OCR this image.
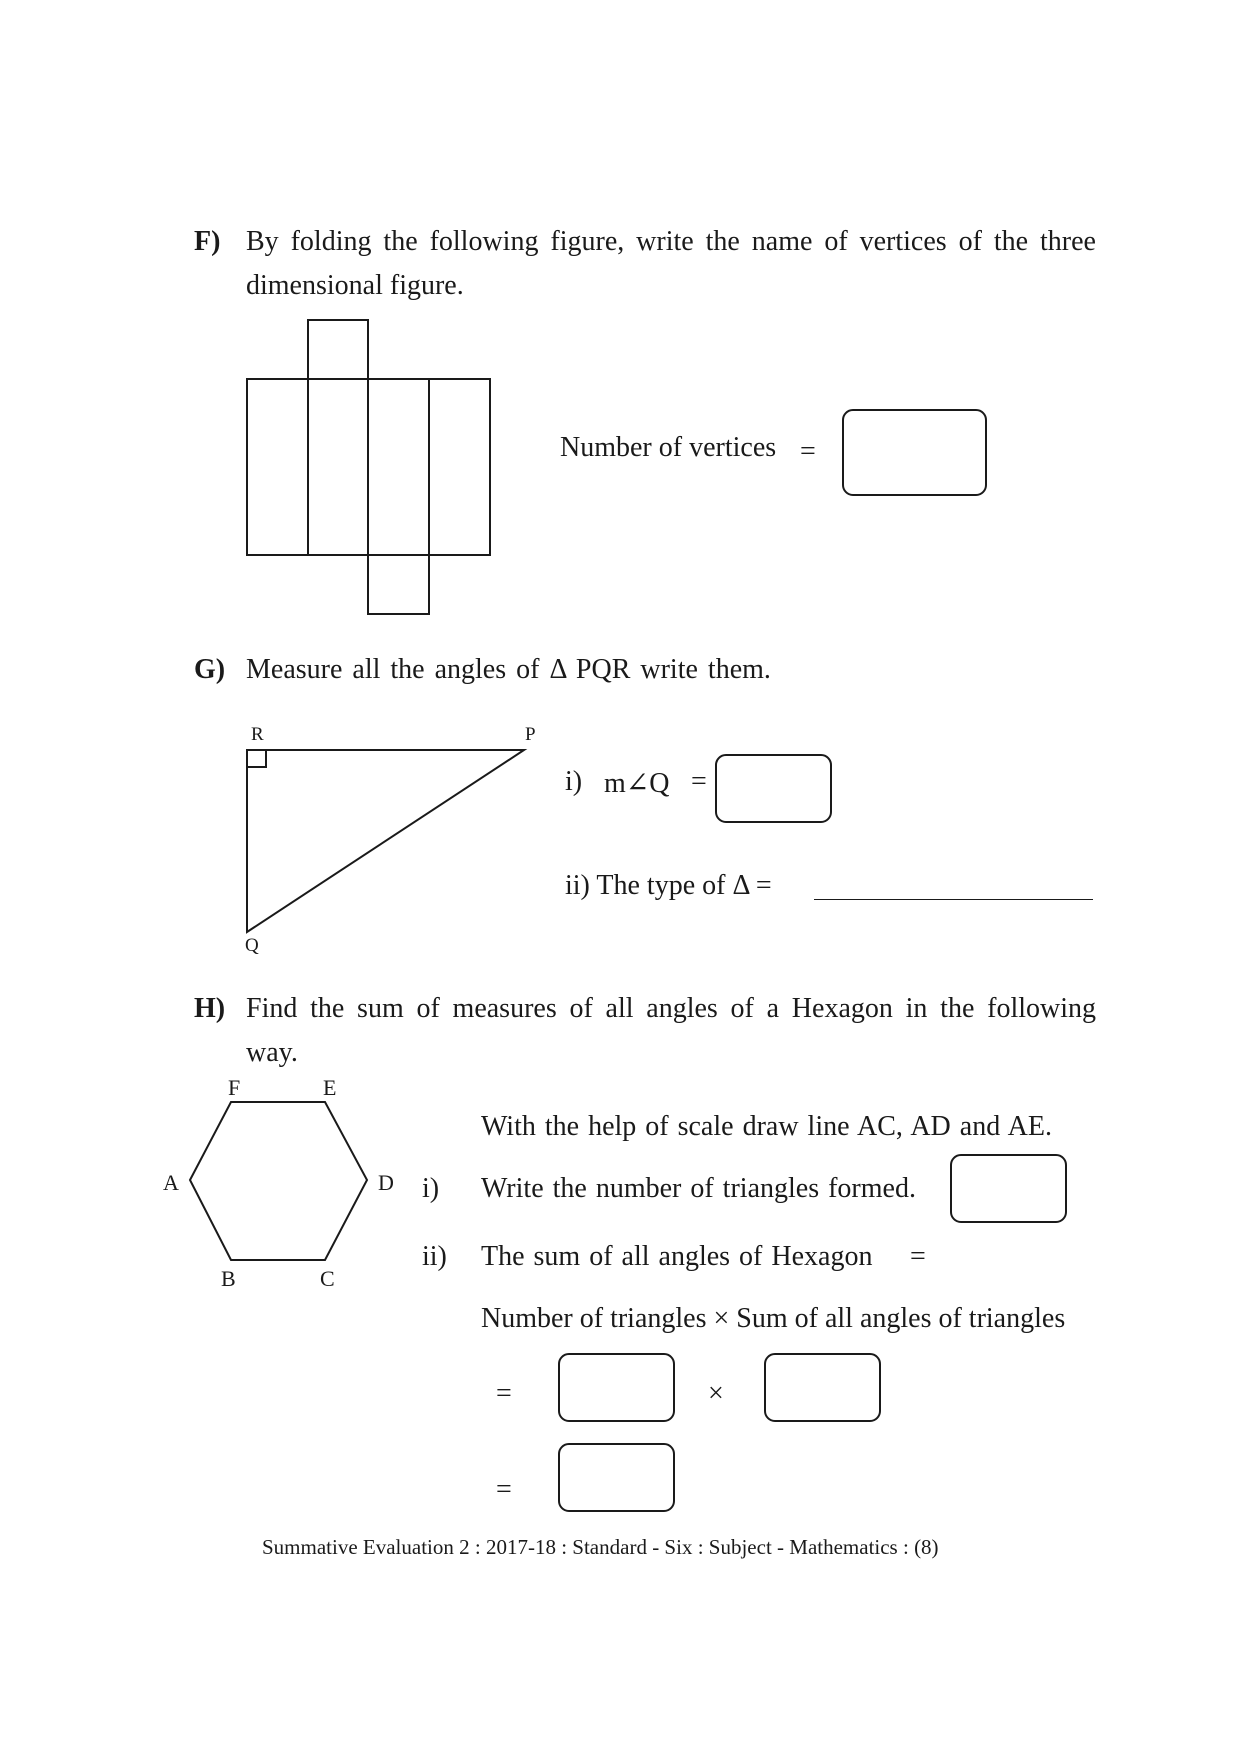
F) By folding the following figure, write the name of vertices of the three
dimensional figure.
Number of vertices =
G) Measure all the angles of Δ PQR write them.
R	P
Q
i) m∠Q =
ii) The type of Δ =
H) Find the sum of measures of all angles of a Hexagon in the following
way.
F	E
A	D
B	C
With the help of scale draw line AC, AD and AE.
i) Write the number of triangles formed.
ii) The sum of all angles of Hexagon =
Number of triangles × Sum of all angles of triangles
=	×
=
Summative Evaluation 2 : 2017-18 : Standard - Six : Subject - Mathematics : (8)
